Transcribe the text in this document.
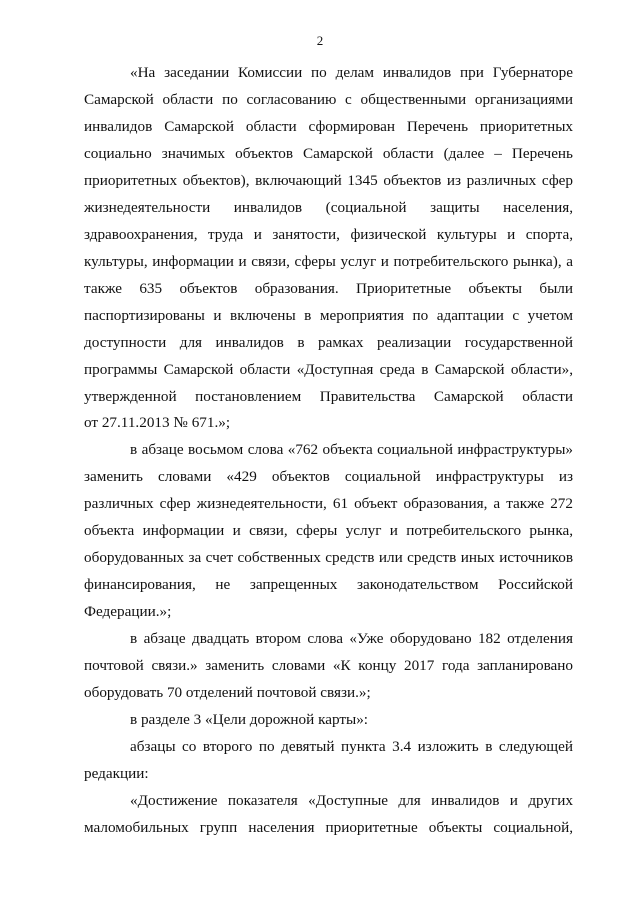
2
«На заседании Комиссии по делам инвалидов при Губернаторе
Самарской области по согласованию с общественными организациями
инвалидов Самарской области сформирован Перечень приоритетных
социально значимых объектов Самарской области (далее – Перечень
приоритетных объектов), включающий 1345 объектов из различных сфер
жизнедеятельности инвалидов (социальной защиты населения,
здравоохранения, труда и занятости, физической культуры и спорта,
культуры, информации и связи, сферы услуг и потребительского рынка), а
также 635 объектов образования. Приоритетные объекты были
паспортизированы и включены в мероприятия по адаптации с учетом
доступности для инвалидов в рамках реализации государственной
программы Самарской области «Доступная среда в Самарской области»,
утвержденной постановлением Правительства Самарской области
от 27.11.2013 № 671.»;
в абзаце восьмом слова «762 объекта социальной инфраструктуры»
заменить словами «429 объектов социальной инфраструктуры из
различных сфер жизнедеятельности, 61 объект образования, а также 272
объекта информации и связи, сферы услуг и потребительского рынка,
оборудованных за счет собственных средств или средств иных источников
финансирования, не запрещенных законодательством Российской
Федерации.»;
в абзаце двадцать втором слова «Уже оборудовано 182 отделения
почтовой связи.» заменить словами «К концу 2017 года запланировано
оборудовать 70 отделений почтовой связи.»;
в разделе 3 «Цели дорожной карты»:
абзацы со второго по девятый пункта 3.4 изложить в следующей
редакции:
«Достижение показателя «Доступные для инвалидов и других
маломобильных групп населения приоритетные объекты социальной,
